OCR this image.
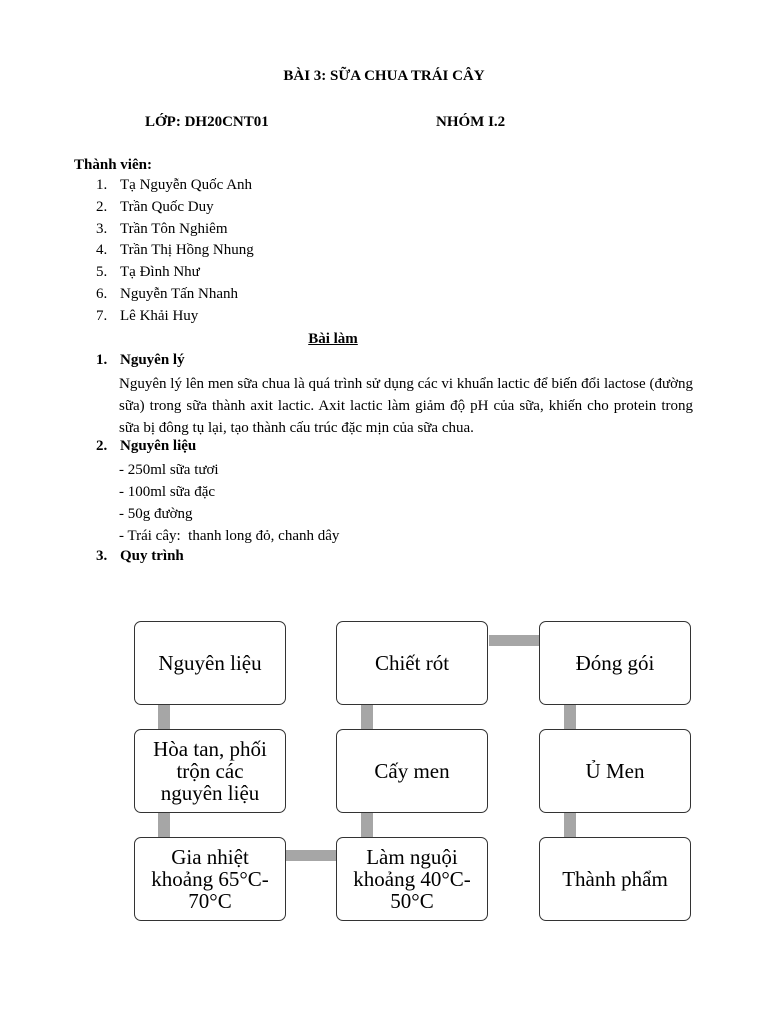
BÀI 3: SỮA CHUA TRÁI CÂY
LỚP: DH20CNT01	NHÓM I.2
Thành viên:
1. Tạ Nguyễn Quốc Anh
2. Trần Quốc Duy
3. Trần Tôn Nghiêm
4. Trần Thị Hồng Nhung
5. Tạ Đình Như
6. Nguyễn Tấn Nhanh
7. Lê Khải Huy
Bài làm
1. Nguyên lý
Nguyên lý lên men sữa chua là quá trình sử dụng các vi khuẩn lactic để biến đổi lactose (đường sữa) trong sữa thành axit lactic. Axit lactic làm giảm độ pH của sữa, khiến cho protein trong sữa bị đông tụ lại, tạo thành cấu trúc đặc mịn của sữa chua.
2. Nguyên liệu
- 250ml sữa tươi
- 100ml sữa đặc
- 50g đường
- Trái cây:  thanh long đỏ, chanh dây
3. Quy trình
Nguyên liệu	Chiết rót	Đóng gói
Hòa tan, phối trộn các nguyên liệu
Cấy men	Ủ Men
Gia nhiệt khoảng 65°C-70°C
Làm nguội khoảng 40°C-50°C
Thành phẩm
